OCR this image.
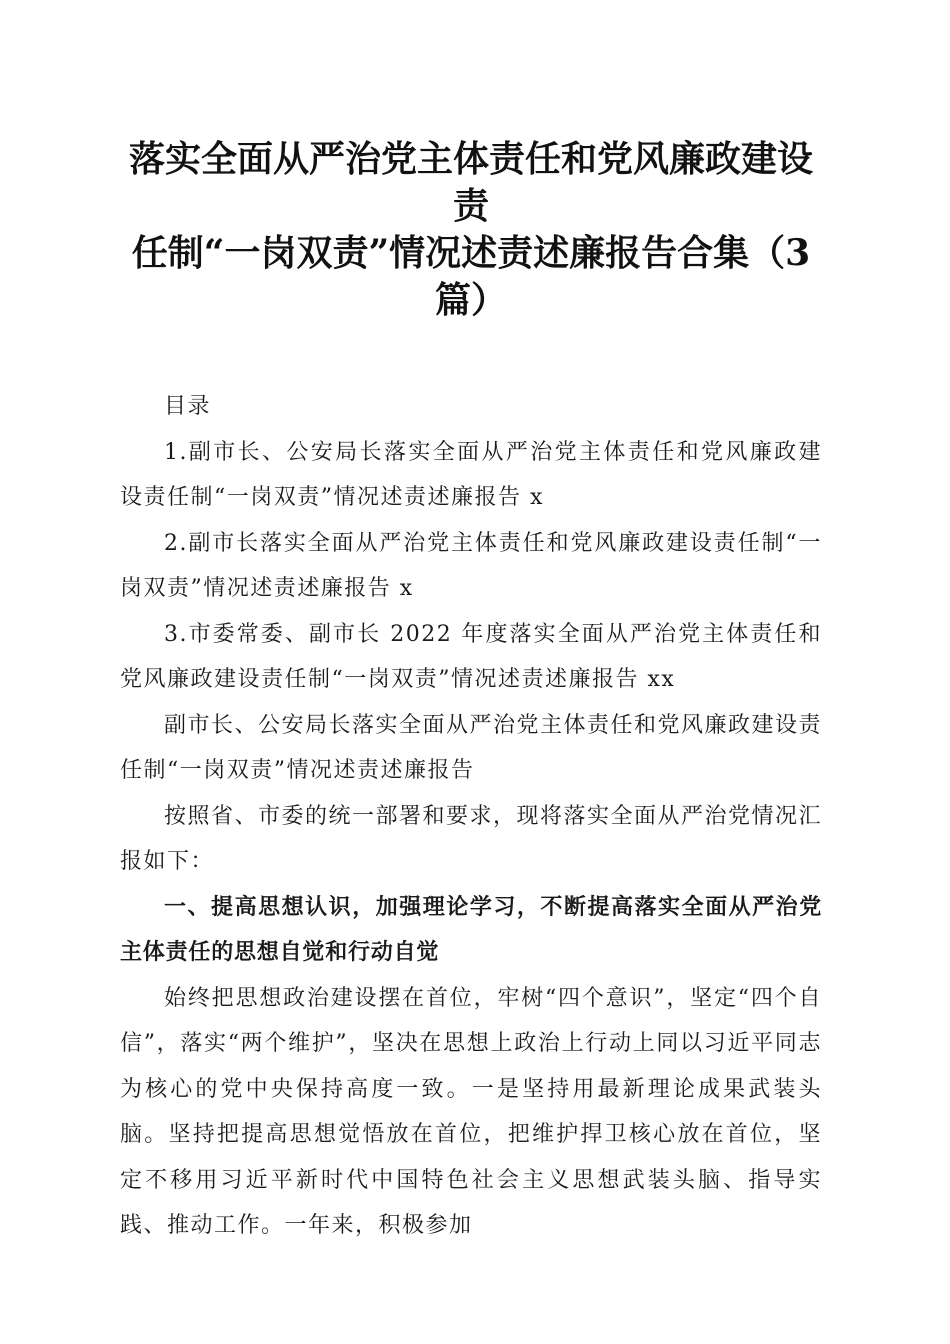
落实全面从严治党主体责任和党风廉政建设责
任制“一岗双责”情况述责述廉报告合集（3
篇）

目录

1.副市长、公安局长落实全面从严治党主体责任和党风廉政建设责任制“一岗双责”情况述责述廉报告 x

2.副市长落实全面从严治党主体责任和党风廉政建设责任制“一岗双责”情况述责述廉报告 x

3.市委常委、副市长 2022 年度落实全面从严治党主体责任和党风廉政建设责任制“一岗双责”情况述责述廉报告 xx

副市长、公安局长落实全面从严治党主体责任和党风廉政建设责任制“一岗双责”情况述责述廉报告

按照省、市委的统一部署和要求，现将落实全面从严治党情况汇报如下：

一、提高思想认识，加强理论学习，不断提高落实全面从严治党主体责任的思想自觉和行动自觉

始终把思想政治建设摆在首位，牢树“四个意识”，坚定“四个自信”，落实“两个维护”，坚决在思想上政治上行动上同以习近平同志为核心的党中央保持高度一致。一是坚持用最新理论成果武装头脑。坚持把提高思想觉悟放在首位，把维护捍卫核心放在首位，坚定不移用习近平新时代中国特色社会主义思想武装头脑、指导实践、推动工作。一年来，积极参加
